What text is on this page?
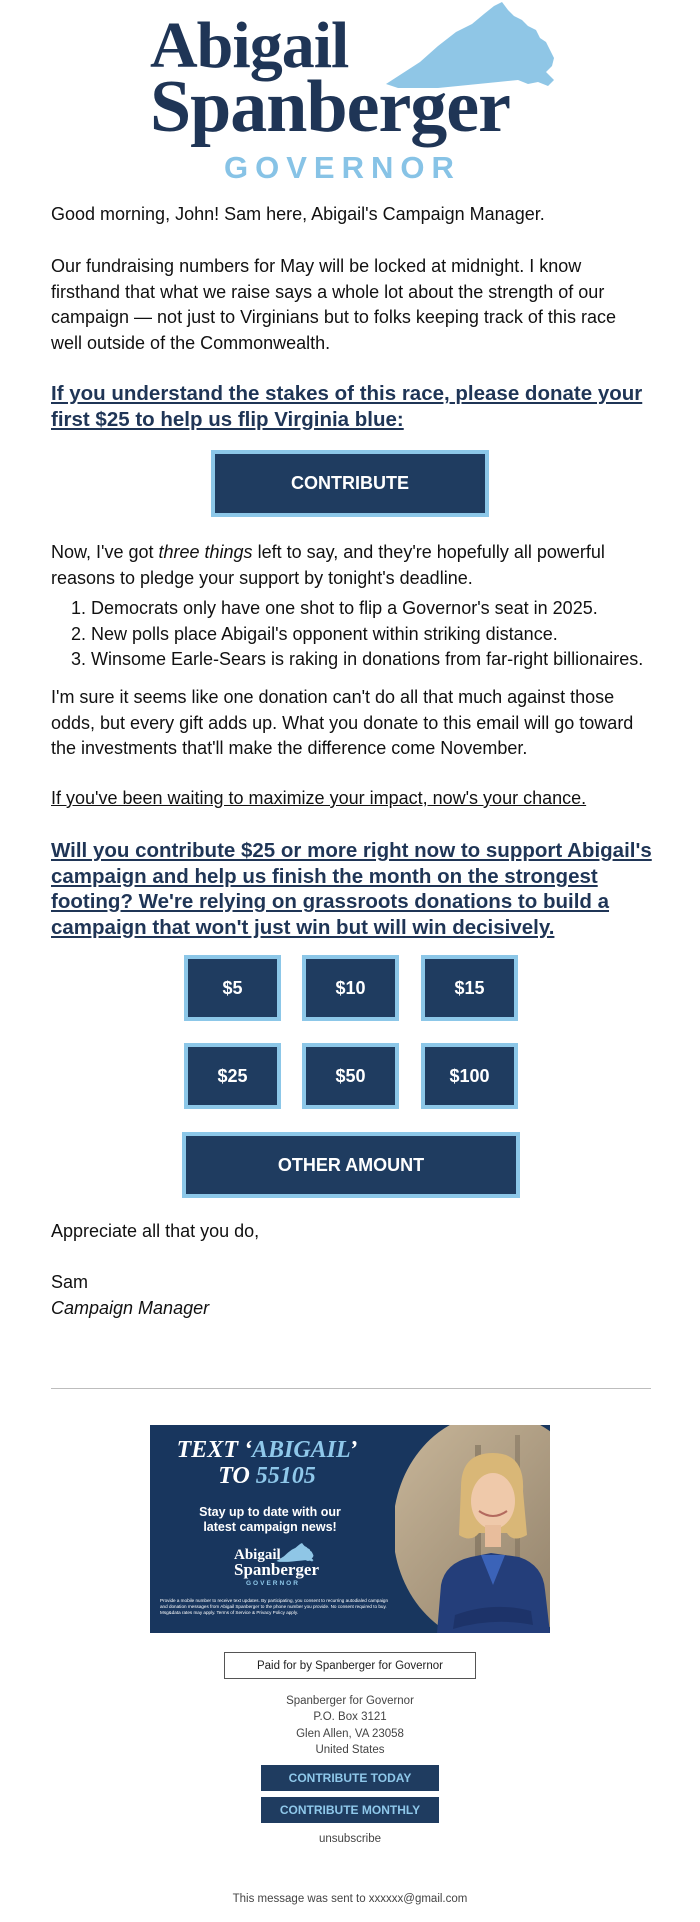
Abigail
Spanberger
GOVERNOR
Good morning, John! Sam here, Abigail's Campaign Manager.
Our fundraising numbers for May will be locked at midnight. I know firsthand that what we raise says a whole lot about the strength of our campaign — not just to Virginians but to folks keeping track of this race well outside of the Commonwealth.
If you understand the stakes of this race, please donate your first $25 to help us flip Virginia blue:
CONTRIBUTE
Now, I've got three things left to say, and they're hopefully all powerful reasons to pledge your support by tonight's deadline.
1. Democrats only have one shot to flip a Governor's seat in 2025.
2. New polls place Abigail's opponent within striking distance.
3. Winsome Earle-Sears is raking in donations from far-right billionaires.
I'm sure it seems like one donation can't do all that much against those odds, but every gift adds up. What you donate to this email will go toward the investments that'll make the difference come November.
If you've been waiting to maximize your impact, now's your chance.
Will you contribute $25 or more right now to support Abigail's campaign and help us finish the month on the strongest footing? We're relying on grassroots donations to build a campaign that won't just win but will win decisively.
$5	$10	$15
$25	$50	$100
OTHER AMOUNT
Appreciate all that you do,
Sam
Campaign Manager
TEXT ‘ABIGAIL’
TO 55105
Stay up to date with our latest campaign news!
Abigail
Spanberger
GOVERNOR
Provide a mobile number to receive text updates. By participating, you consent to recurring autodialed campaign and donation messages from Abigail Spanberger to the phone number you provide. No consent required to buy. Msg&data rates may apply. Terms of Service & Privacy Policy apply.
Paid for by Spanberger for Governor
Spanberger for Governor
P.O. Box 3121
Glen Allen, VA 23058
United States
CONTRIBUTE TODAY
CONTRIBUTE MONTHLY
unsubscribe
This message was sent to xxxxxx@gmail.com
